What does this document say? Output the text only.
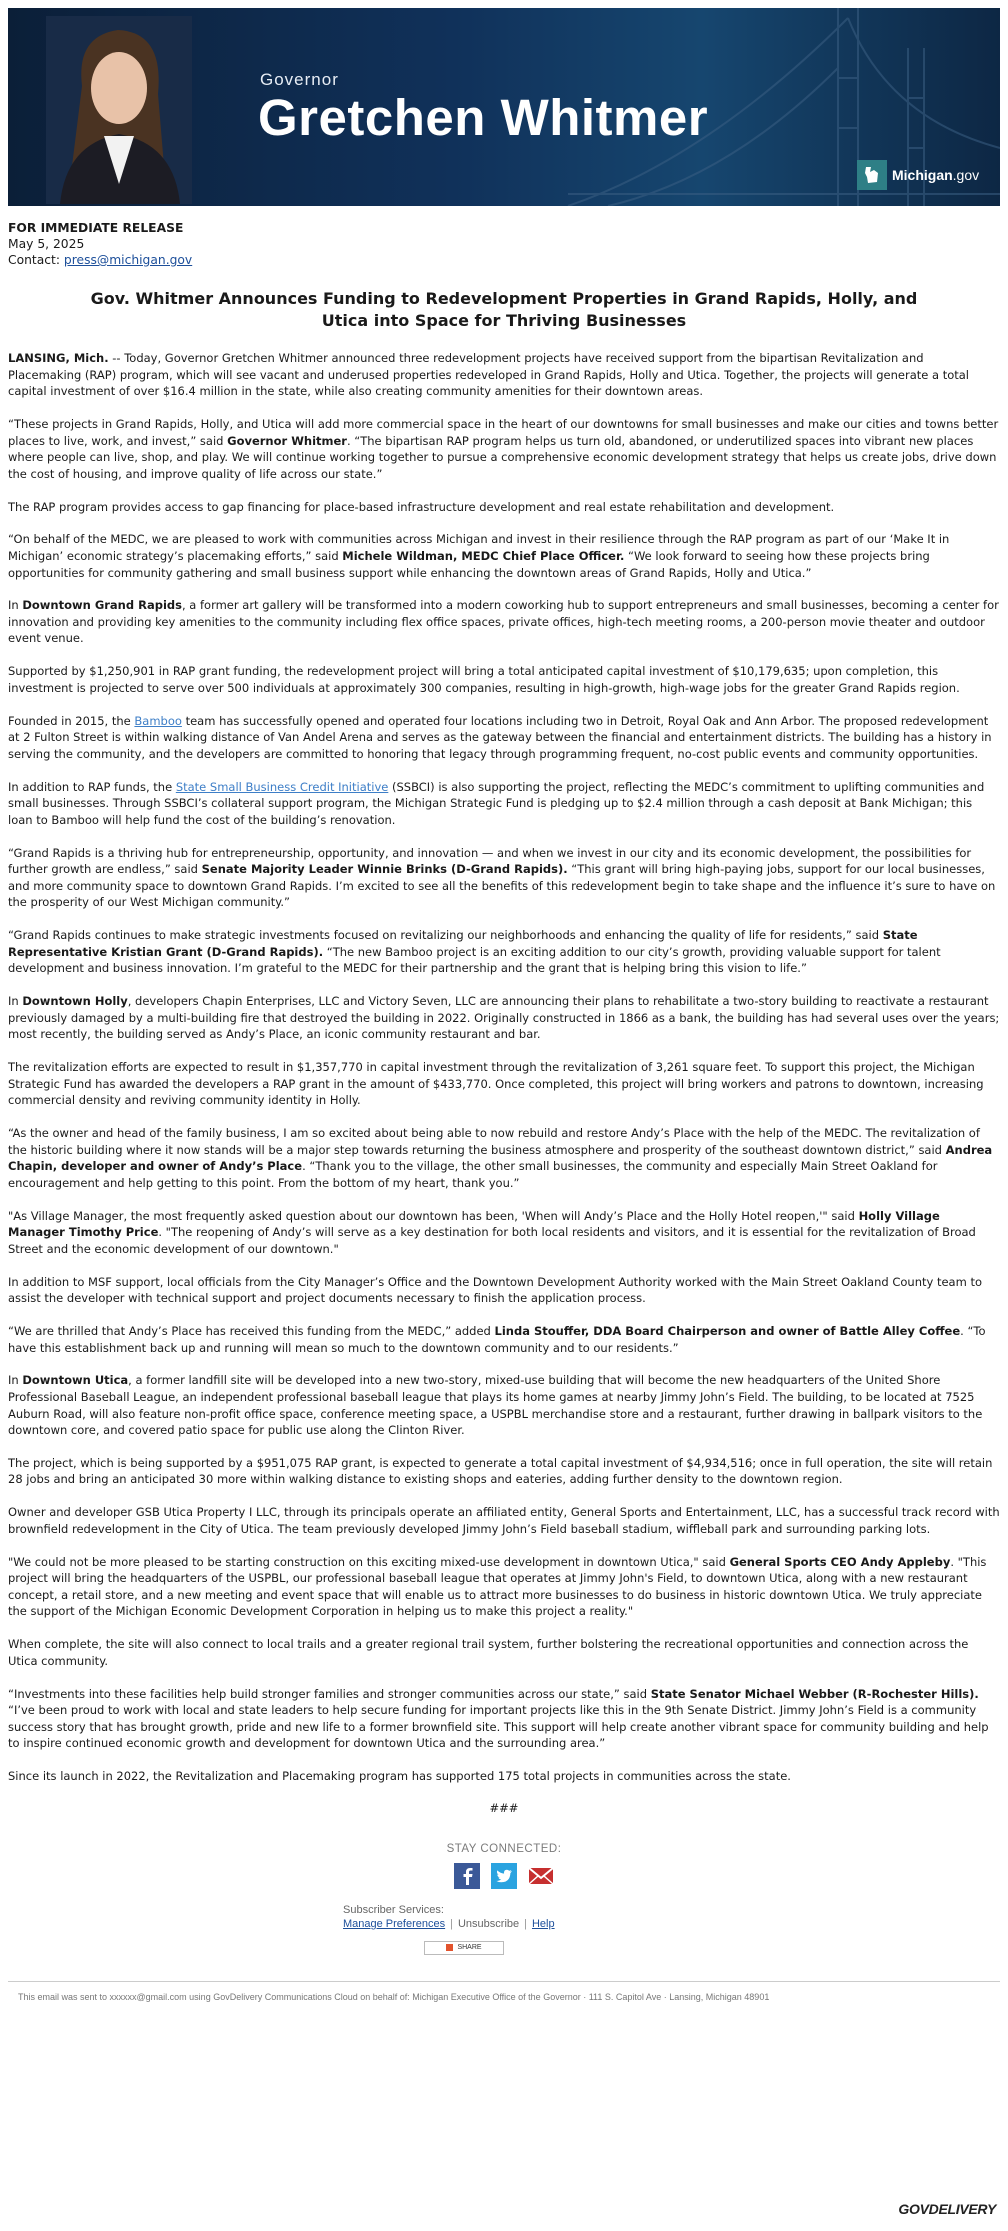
Governor
Gretchen Whitmer
Michigan.gov
FOR IMMEDIATE RELEASE
May 5, 2025
Contact: press@michigan.gov
Gov. Whitmer Announces Funding to Redevelopment Properties in Grand Rapids, Holly, and Utica into Space for Thriving Businesses

LANSING, Mich. -- Today, Governor Gretchen Whitmer announced three redevelopment projects have received support from the bipartisan Revitalization and Placemaking (RAP) program, which will see vacant and underused properties redeveloped in Grand Rapids, Holly and Utica. Together, the projects will generate a total capital investment of over $16.4 million in the state, while also creating community amenities for their downtown areas.

“These projects in Grand Rapids, Holly, and Utica will add more commercial space in the heart of our downtowns for small businesses and make our cities and towns better places to live, work, and invest,” said Governor Whitmer. “The bipartisan RAP program helps us turn old, abandoned, or underutilized spaces into vibrant new places where people can live, shop, and play. We will continue working together to pursue a comprehensive economic development strategy that helps us create jobs, drive down the cost of housing, and improve quality of life across our state.”

The RAP program provides access to gap financing for place-based infrastructure development and real estate rehabilitation and development.

“On behalf of the MEDC, we are pleased to work with communities across Michigan and invest in their resilience through the RAP program as part of our ‘Make It in Michigan’ economic strategy’s placemaking efforts,” said Michele Wildman, MEDC Chief Place Officer. “We look forward to seeing how these projects bring opportunities for community gathering and small business support while enhancing the downtown areas of Grand Rapids, Holly and Utica.”

In Downtown Grand Rapids, a former art gallery will be transformed into a modern coworking hub to support entrepreneurs and small businesses, becoming a center for innovation and providing key amenities to the community including flex office spaces, private offices, high-tech meeting rooms, a 200-person movie theater and outdoor event venue.

Supported by $1,250,901 in RAP grant funding, the redevelopment project will bring a total anticipated capital investment of $10,179,635; upon completion, this investment is projected to serve over 500 individuals at approximately 300 companies, resulting in high-growth, high-wage jobs for the greater Grand Rapids region.

Founded in 2015, the Bamboo team has successfully opened and operated four locations including two in Detroit, Royal Oak and Ann Arbor. The proposed redevelopment at 2 Fulton Street is within walking distance of Van Andel Arena and serves as the gateway between the financial and entertainment districts. The building has a history in serving the community, and the developers are committed to honoring that legacy through programming frequent, no-cost public events and community opportunities.

In addition to RAP funds, the State Small Business Credit Initiative (SSBCI) is also supporting the project, reflecting the MEDC’s commitment to uplifting communities and small businesses. Through SSBCI’s collateral support program, the Michigan Strategic Fund is pledging up to $2.4 million through a cash deposit at Bank Michigan; this loan to Bamboo will help fund the cost of the building’s renovation.

“Grand Rapids is a thriving hub for entrepreneurship, opportunity, and innovation — and when we invest in our city and its economic development, the possibilities for further growth are endless,” said Senate Majority Leader Winnie Brinks (D-Grand Rapids). “This grant will bring high-paying jobs, support for our local businesses, and more community space to downtown Grand Rapids. I’m excited to see all the benefits of this redevelopment begin to take shape and the influence it’s sure to have on the prosperity of our West Michigan community.”

“Grand Rapids continues to make strategic investments focused on revitalizing our neighborhoods and enhancing the quality of life for residents,” said State Representative Kristian Grant (D-Grand Rapids). “The new Bamboo project is an exciting addition to our city’s growth, providing valuable support for talent development and business innovation. I’m grateful to the MEDC for their partnership and the grant that is helping bring this vision to life.”

In Downtown Holly, developers Chapin Enterprises, LLC and Victory Seven, LLC are announcing their plans to rehabilitate a two-story building to reactivate a restaurant previously damaged by a multi-building fire that destroyed the building in 2022. Originally constructed in 1866 as a bank, the building has had several uses over the years; most recently, the building served as Andy’s Place, an iconic community restaurant and bar.

The revitalization efforts are expected to result in $1,357,770 in capital investment through the revitalization of 3,261 square feet. To support this project, the Michigan Strategic Fund has awarded the developers a RAP grant in the amount of $433,770. Once completed, this project will bring workers and patrons to downtown, increasing commercial density and reviving community identity in Holly.

“As the owner and head of the family business, I am so excited about being able to now rebuild and restore Andy’s Place with the help of the MEDC. The revitalization of the historic building where it now stands will be a major step towards returning the business atmosphere and prosperity of the southeast downtown district,” said Andrea Chapin, developer and owner of Andy’s Place. “Thank you to the village, the other small businesses, the community and especially Main Street Oakland for encouragement and help getting to this point. From the bottom of my heart, thank you.”

"As Village Manager, the most frequently asked question about our downtown has been, 'When will Andy’s Place and the Holly Hotel reopen,'" said Holly Village Manager Timothy Price. "The reopening of Andy’s will serve as a key destination for both local residents and visitors, and it is essential for the revitalization of Broad Street and the economic development of our downtown."

In addition to MSF support, local officials from the City Manager’s Office and the Downtown Development Authority worked with the Main Street Oakland County team to assist the developer with technical support and project documents necessary to finish the application process.

“We are thrilled that Andy’s Place has received this funding from the MEDC,” added Linda Stouffer, DDA Board Chairperson and owner of Battle Alley Coffee. “To have this establishment back up and running will mean so much to the downtown community and to our residents.”

In Downtown Utica, a former landfill site will be developed into a new two-story, mixed-use building that will become the new headquarters of the United Shore Professional Baseball League, an independent professional baseball league that plays its home games at nearby Jimmy John’s Field. The building, to be located at 7525 Auburn Road, will also feature non-profit office space, conference meeting space, a USPBL merchandise store and a restaurant, further drawing in ballpark visitors to the downtown core, and covered patio space for public use along the Clinton River.

The project, which is being supported by a $951,075 RAP grant, is expected to generate a total capital investment of $4,934,516; once in full operation, the site will retain 28 jobs and bring an anticipated 30 more within walking distance to existing shops and eateries, adding further density to the downtown region.

Owner and developer GSB Utica Property I LLC, through its principals operate an affiliated entity, General Sports and Entertainment, LLC, has a successful track record with brownfield redevelopment in the City of Utica. The team previously developed Jimmy John’s Field baseball stadium, wiffleball park and surrounding parking lots.

"We could not be more pleased to be starting construction on this exciting mixed-use development in downtown Utica," said General Sports CEO Andy Appleby. "This project will bring the headquarters of the USPBL, our professional baseball league that operates at Jimmy John's Field, to downtown Utica, along with a new restaurant concept, a retail store, and a new meeting and event space that will enable us to attract more businesses to do business in historic downtown Utica. We truly appreciate the support of the Michigan Economic Development Corporation in helping us to make this project a reality."

When complete, the site will also connect to local trails and a greater regional trail system, further bolstering the recreational opportunities and connection across the Utica community.

“Investments into these facilities help build stronger families and stronger communities across our state,” said State Senator Michael Webber (R-Rochester Hills). “I’ve been proud to work with local and state leaders to help secure funding for important projects like this in the 9th Senate District. Jimmy John’s Field is a community success story that has brought growth, pride and new life to a former brownfield site. This support will help create another vibrant space for community building and help to inspire continued economic growth and development for downtown Utica and the surrounding area.”

Since its launch in 2022, the Revitalization and Placemaking program has supported 175 total projects in communities across the state.

###
STAY CONNECTED:

Subscriber Services:
Manage Preferences | Unsubscribe | Help
SHARE
This email was sent to xxxxxx@gmail.com using GovDelivery Communications Cloud on behalf of: Michigan Executive Office of the Governor · 111 S. Capitol Ave · Lansing, Michigan 48901
GOVDELIVERY
